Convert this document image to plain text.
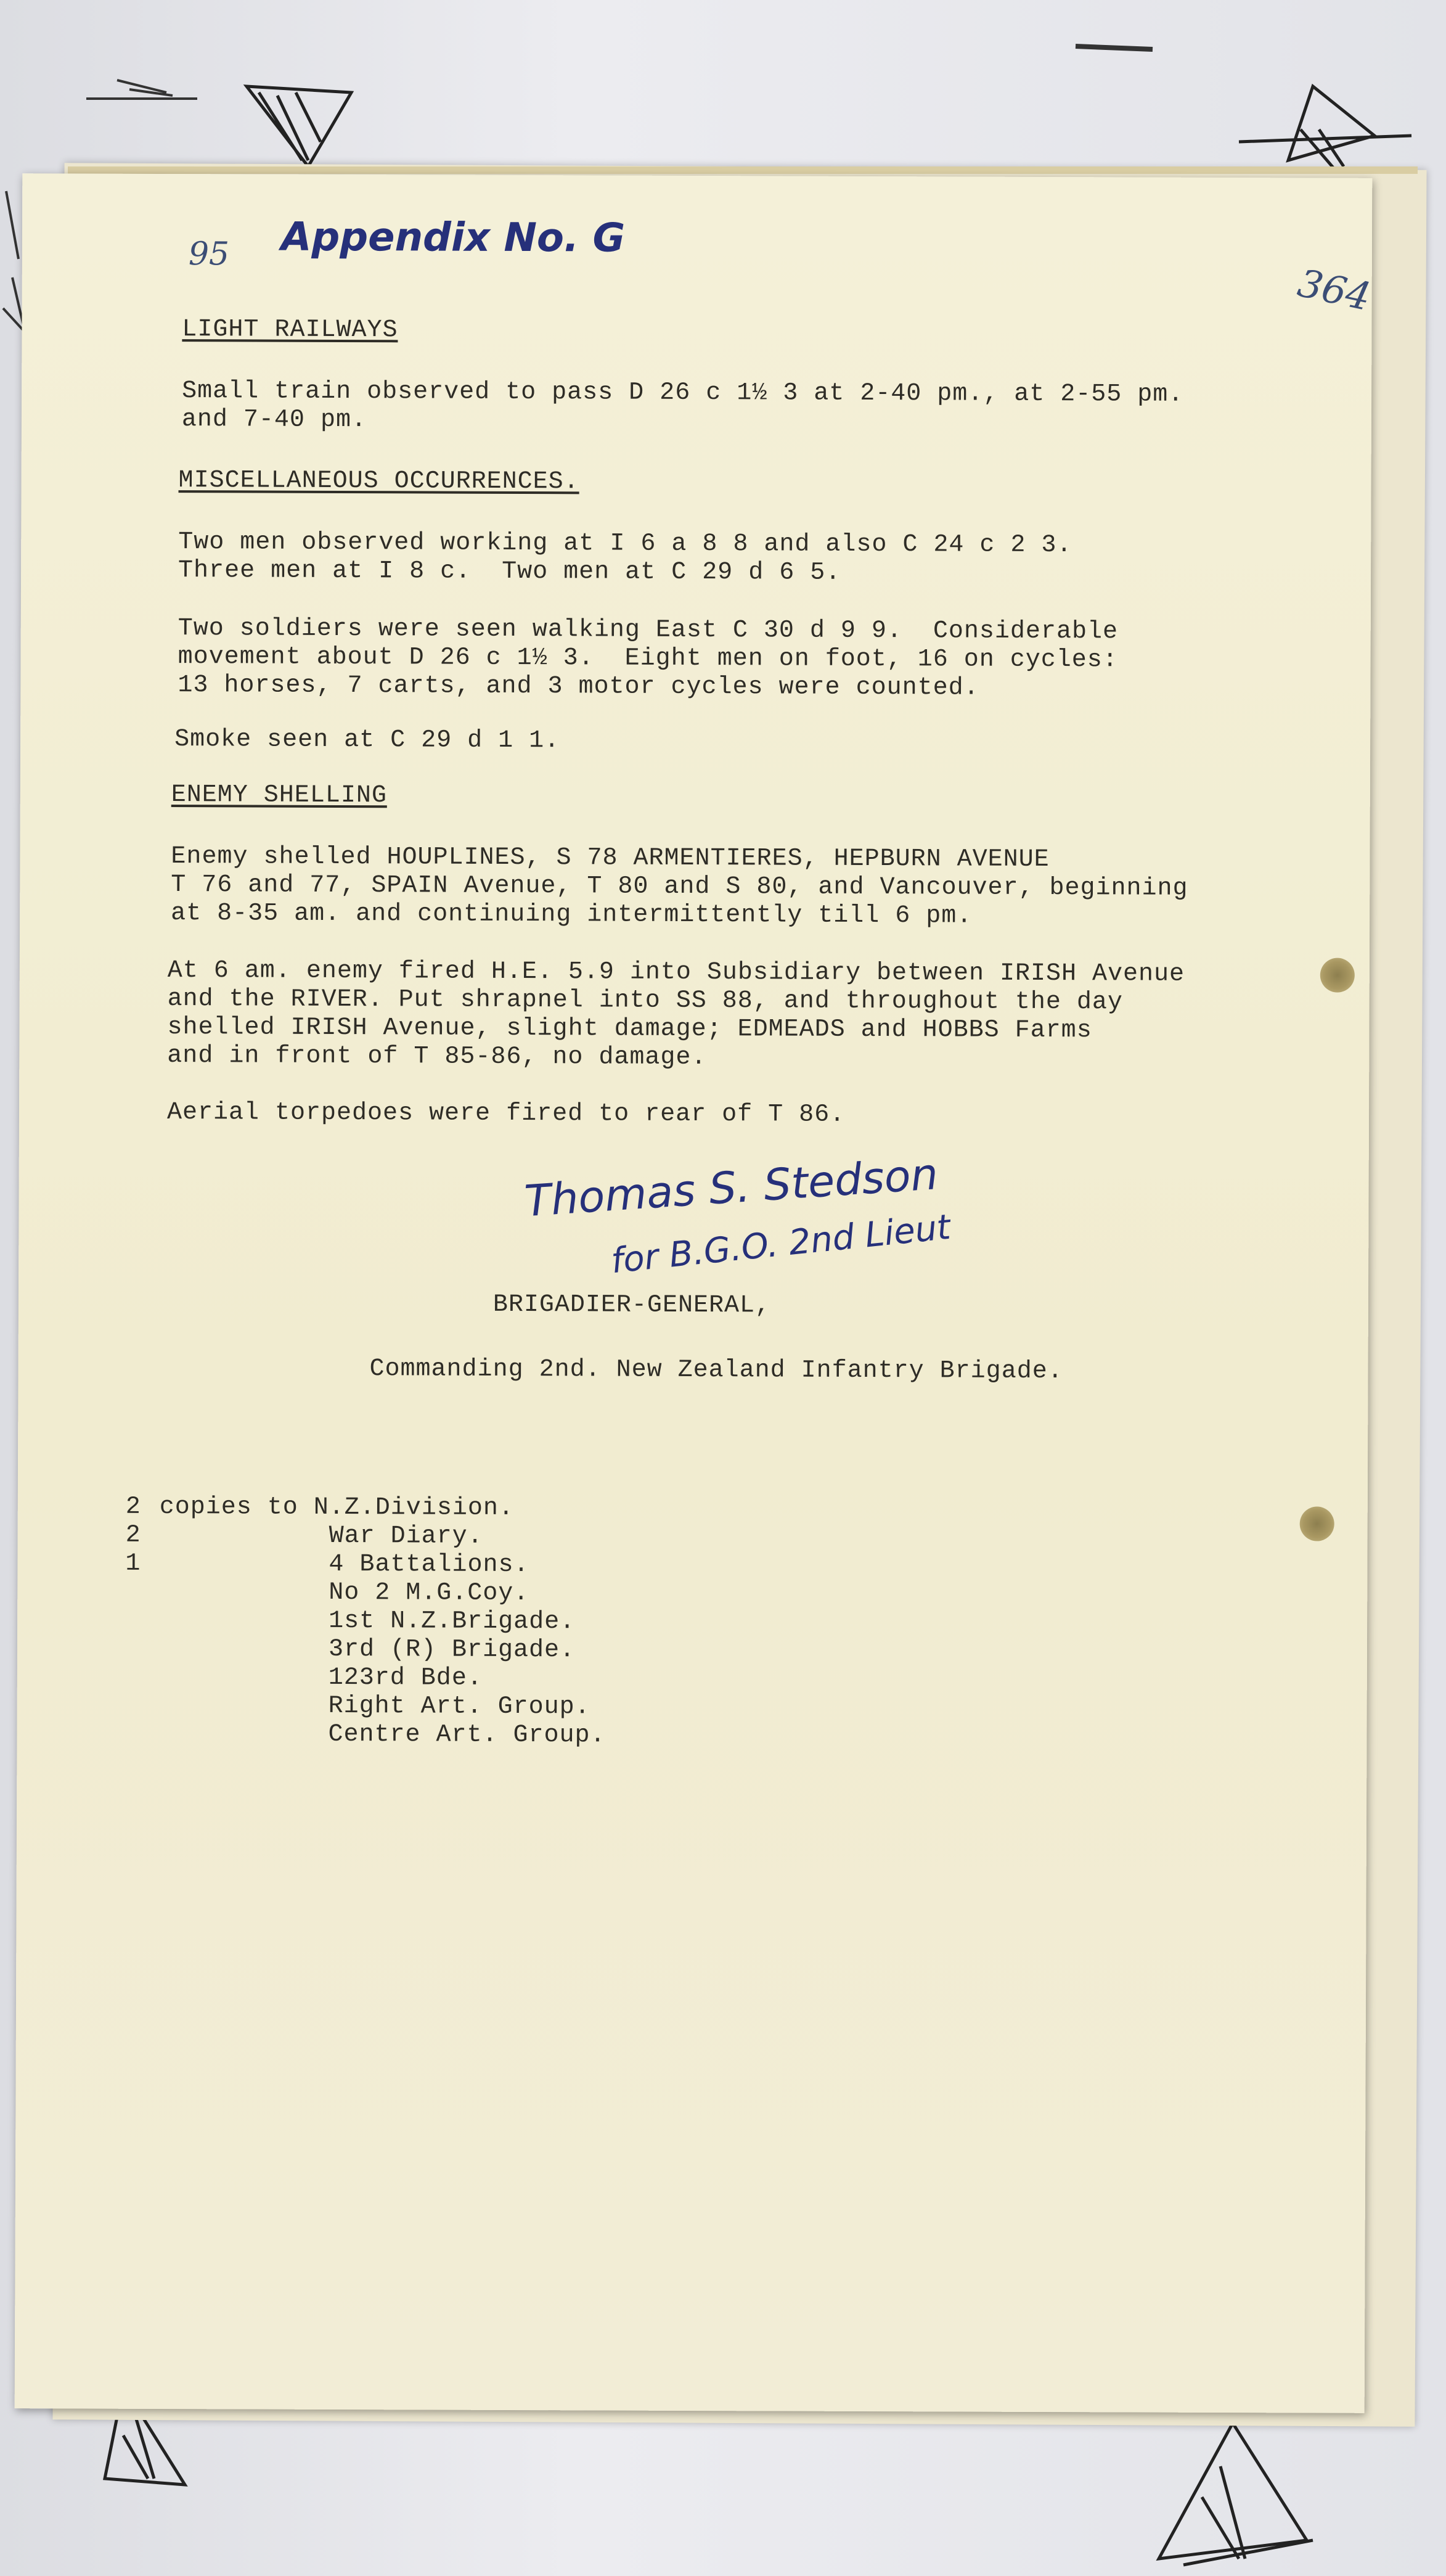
95 Appendix No. G
364
LIGHT RAILWAYS
Small train observed to pass D 26 c 1½ 3 at 2-40 pm., at 2-55 pm.
and 7-40 pm.
MISCELLANEOUS OCCURRENCES.
Two men observed working at I 6 a 8 8 and also C 24 c 2 3.
Three men at I 8 c.  Two men at C 29 d 6 5.
Two soldiers were seen walking East C 30 d 9 9.  Considerable
movement about D 26 c 1½ 3.  Eight men on foot, 16 on cycles:
13 horses, 7 carts, and 3 motor cycles were counted.
Smoke seen at C 29 d 1 1.
ENEMY SHELLING
Enemy shelled HOUPLINES, S 78 ARMENTIERES, HEPBURN AVENUE
T 76 and 77, SPAIN Avenue, T 80 and S 80, and Vancouver, beginning
at 8-35 am. and continuing intermittently till 6 pm.
At 6 am. enemy fired H.E. 5.9 into Subsidiary between IRISH Avenue
and the RIVER. Put shrapnel into SS 88, and throughout the day
shelled IRISH Avenue, slight damage; EDMEADS and HOBBS Farms
and in front of T 85-86, no damage.
Aerial torpedoes were fired to rear of T 86.
Thomas S. Stedson
for B.G.O. 2nd Lieut
BRIGADIER-GENERAL,
Commanding 2nd. New Zealand Infantry Brigade.
2 copies to N.Z.Division.
2	War Diary.
1	4 Battalions.
No 2 M.G.Coy.
1st N.Z.Brigade.
3rd (R) Brigade.
123rd Bde.
Right Art. Group.
Centre Art. Group.
